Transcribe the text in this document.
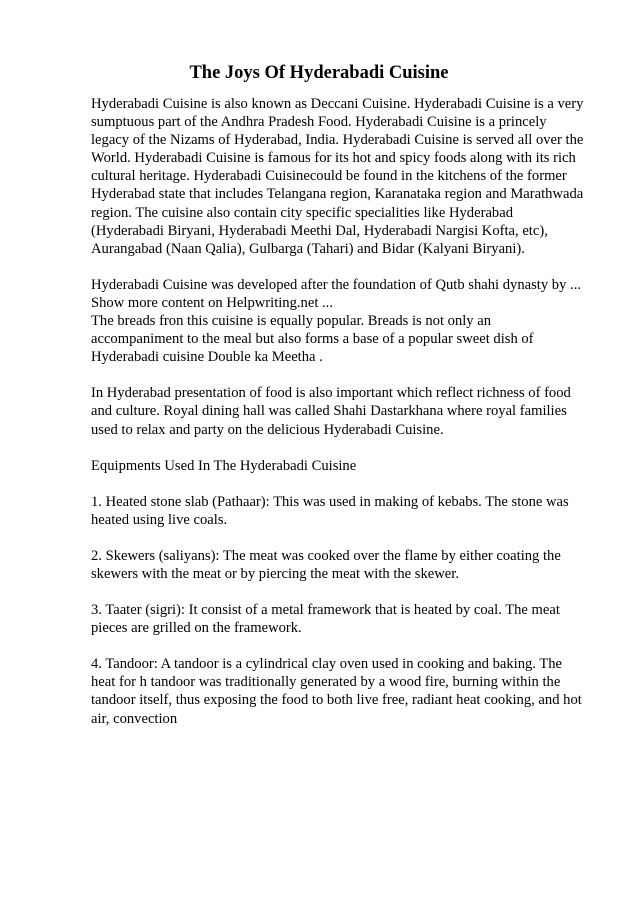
The Joys Of Hyderabadi Cuisine

Hyderabadi Cuisine is also known as Deccani Cuisine. Hyderabadi Cuisine is a very
sumptuous part of the Andhra Pradesh Food. Hyderabadi Cuisine is a princely
legacy of the Nizams of Hyderabad, India. Hyderabadi Cuisine is served all over the
World. Hyderabadi Cuisine is famous for its hot and spicy foods along with its rich
cultural heritage. Hyderabadi Cuisinecould be found in the kitchens of the former
Hyderabad state that includes Telangana region, Karanataka region and Marathwada
region. The cuisine also contain city specific specialities like Hyderabad
(Hyderabadi Biryani, Hyderabadi Meethi Dal, Hyderabadi Nargisi Kofta, etc),
Aurangabad (Naan Qalia), Gulbarga (Tahari) and Bidar (Kalyani Biryani).

Hyderabadi Cuisine was developed after the foundation of Qutb shahi dynasty by ...
Show more content on Helpwriting.net ...
The breads fron this cuisine is equally popular. Breads is not only an
accompaniment to the meal but also forms a base of a popular sweet dish of
Hyderabadi cuisine Double ka Meetha .

In Hyderabad presentation of food is also important which reflect richness of food
and culture. Royal dining hall was called Shahi Dastarkhana where royal families
used to relax and party on the delicious Hyderabadi Cuisine.

Equipments Used In The Hyderabadi Cuisine

1. Heated stone slab (Pathaar): This was used in making of kebabs. The stone was
heated using live coals.

2. Skewers (saliyans): The meat was cooked over the flame by either coating the
skewers with the meat or by piercing the meat with the skewer.

3. Taater (sigri): It consist of a metal framework that is heated by coal. The meat
pieces are grilled on the framework.

4. Tandoor: A tandoor is a cylindrical clay oven used in cooking and baking. The
heat for h tandoor was traditionally generated by a wood fire, burning within the
tandoor itself, thus exposing the food to both live free, radiant heat cooking, and hot
air, convection
